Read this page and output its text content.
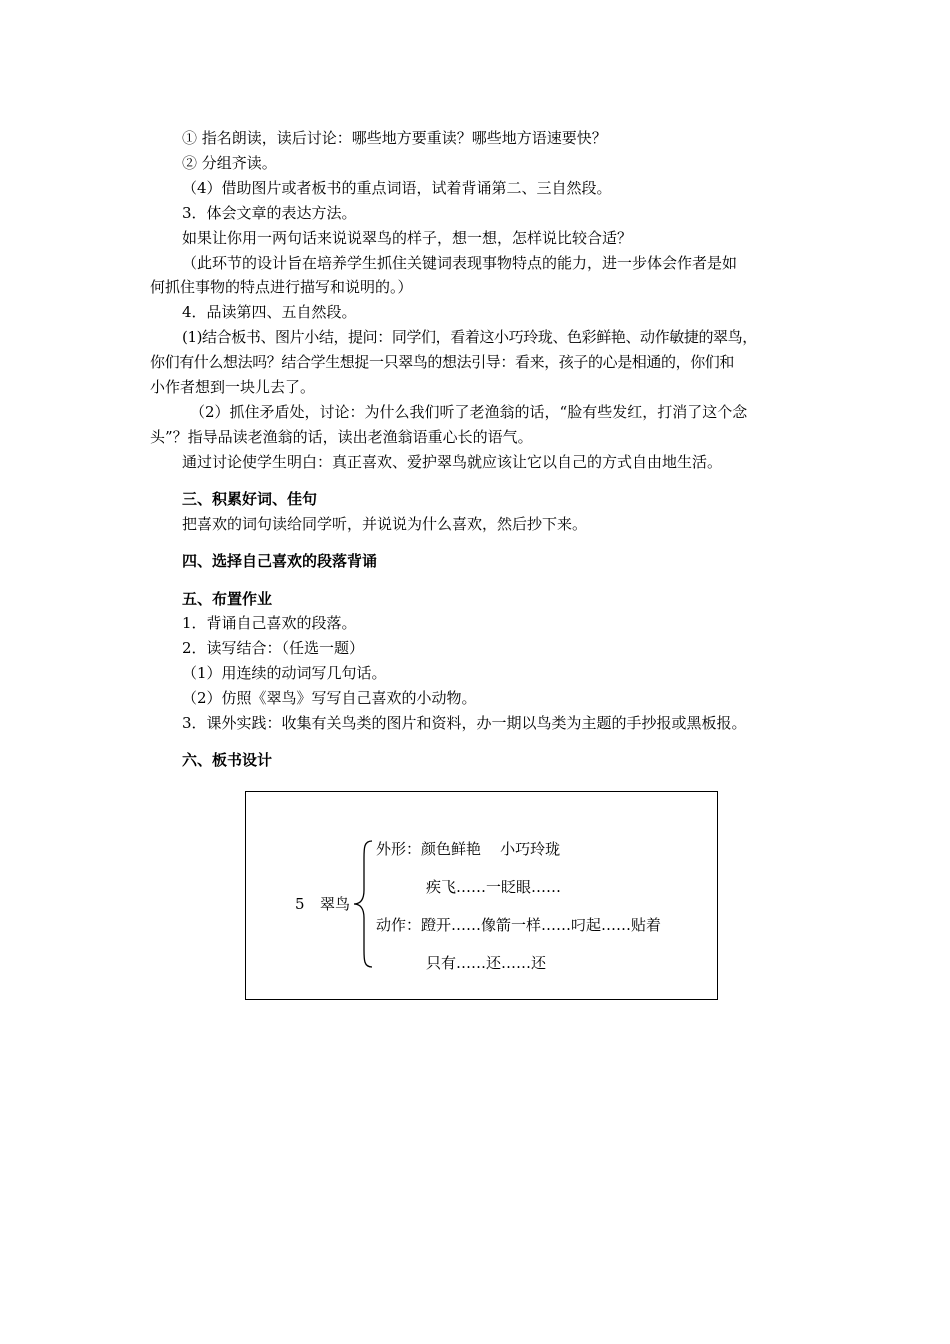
① 指名朗读，读后讨论：哪些地方要重读？哪些地方语速要快？
② 分组齐读。
（4）借助图片或者板书的重点词语，试着背诵第二、三自然段。
3．体会文章的表达方法。
如果让你用一两句话来说说翠鸟的样子，想一想，怎样说比较合适？
（此环节的设计旨在培养学生抓住关键词表现事物特点的能力，进一步体会作者是如
何抓住事物的特点进行描写和说明的。）
4．品读第四、五自然段。
(1)结合板书、图片小结，提问：同学们，看着这小巧玲珑、色彩鲜艳、动作敏捷的翠鸟，
你们有什么想法吗？结合学生想捉一只翠鸟的想法引导：看来，孩子的心是相通的，你们和
小作者想到一块儿去了。
（2）抓住矛盾处，讨论：为什么我们听了老渔翁的话，“脸有些发红，打消了这个念
头”？指导品读老渔翁的话，读出老渔翁语重心长的语气。
通过讨论使学生明白：真正喜欢、爱护翠鸟就应该让它以自己的方式自由地生活。
三、积累好词、佳句
把喜欢的词句读给同学听，并说说为什么喜欢，然后抄下来。
四、选择自己喜欢的段落背诵
五、布置作业
1．背诵自己喜欢的段落。
2．读写结合：（任选一题）
（1）用连续的动词写几句话。
（2）仿照《翠鸟》写写自己喜欢的小动物。
3．课外实践：收集有关鸟类的图片和资料，办一期以鸟类为主题的手抄报或黑板报。
六、板书设计
5 翠鸟
外形：颜色鲜艳    小巧玲珑
疾飞……一眨眼……
动作：蹬开……像箭一样……叼起……贴着
只有……还……还
